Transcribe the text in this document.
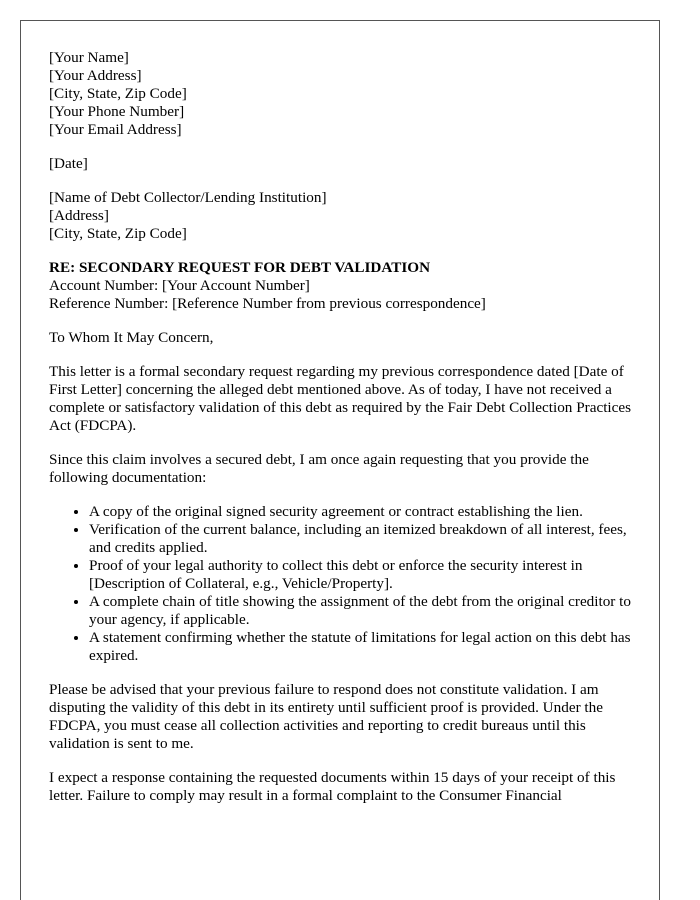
[Your Name]
[Your Address]
[City, State, Zip Code]
[Your Phone Number]
[Your Email Address]
[Date]
[Name of Debt Collector/Lending Institution]
[Address]
[City, State, Zip Code]
RE: SECONDARY REQUEST FOR DEBT VALIDATION
Account Number: [Your Account Number]
Reference Number: [Reference Number from previous correspondence]

To Whom It May Concern,

This letter is a formal secondary request regarding my previous correspondence dated [Date of First Letter] concerning the alleged debt mentioned above. As of today, I have not received a complete or satisfactory validation of this debt as required by the Fair Debt Collection Practices Act (FDCPA).

Since this claim involves a secured debt, I am once again requesting that you provide the following documentation:

• A copy of the original signed security agreement or contract establishing the lien.
• Verification of the current balance, including an itemized breakdown of all interest, fees, and credits applied.
• Proof of your legal authority to collect this debt or enforce the security interest in [Description of Collateral, e.g., Vehicle/Property].
• A complete chain of title showing the assignment of the debt from the original creditor to your agency, if applicable.
• A statement confirming whether the statute of limitations for legal action on this debt has expired.

Please be advised that your previous failure to respond does not constitute validation. I am disputing the validity of this debt in its entirety until sufficient proof is provided. Under the FDCPA, you must cease all collection activities and reporting to credit bureaus until this validation is sent to me.

I expect a response containing the requested documents within 15 days of your receipt of this letter. Failure to comply may result in a formal complaint to the Consumer Financial
